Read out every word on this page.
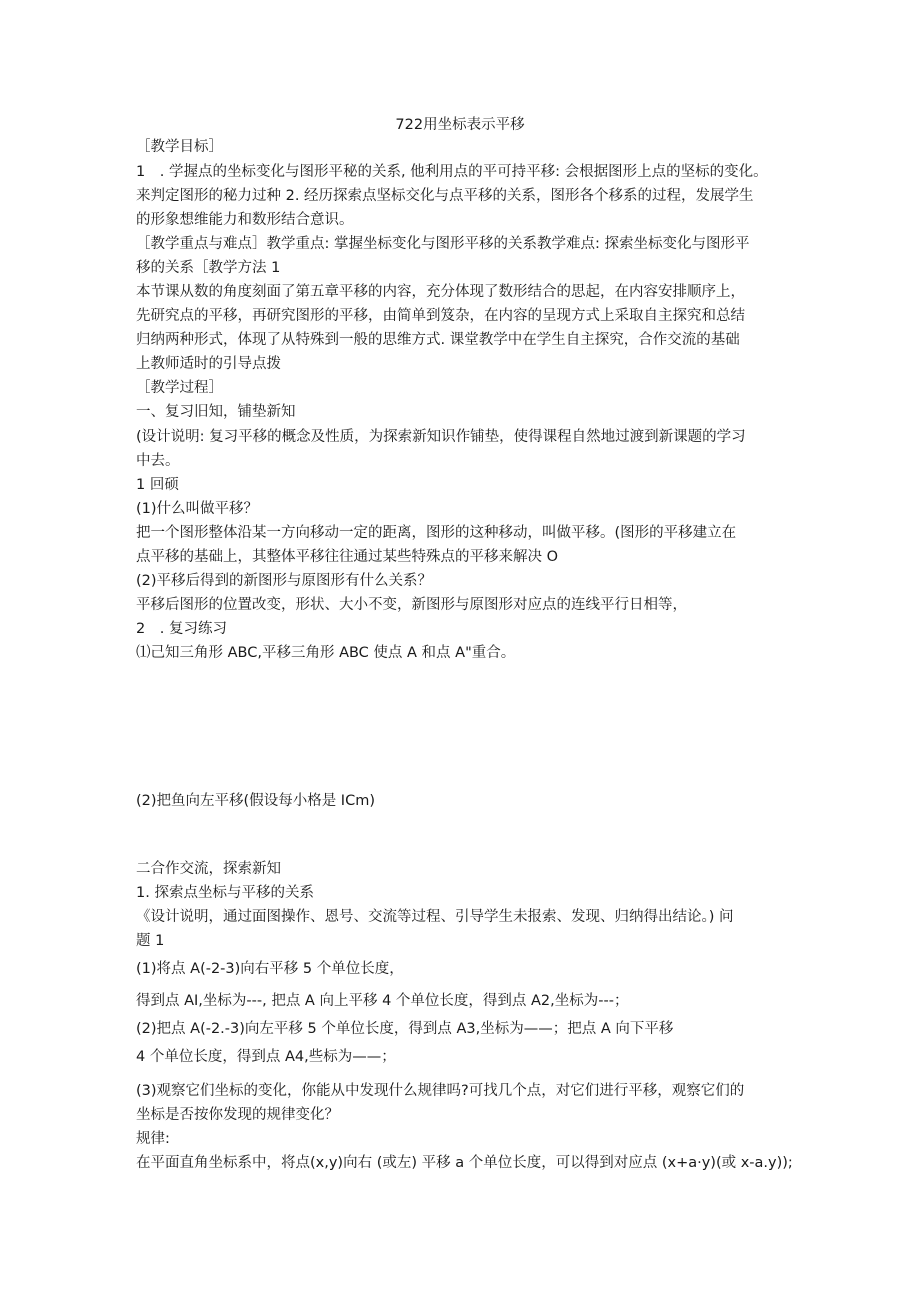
722用坐标表示平移
［教学目标］
1　. 学握点的坐标变化与图形平秘的关系, 他利用点的平可持平移: 会根据图形上点的坚标的变化。
来判定图形的秘力过种 2. 经历探索点坚标交化与点平移的关系，图形各个移系的过程，发展学生
的形象想维能力和数形结合意识。
［教学重点与难点］教学重点: 掌握坐标变化与图形平移的关系教学难点: 探索坐标变化与图形平
移的关系［教学方法 1
本节课从数的角度刻面了第五章平移的内容，充分体现了数形结合的思起，在内容安排顺序上，
先研究点的平移，再研究图形的平移，由简单到笈杂，在内容的呈现方式上采取自主探究和总结
归纳两种形式，体现了从特殊到一般的思维方式. 课堂教学中在学生自主探究，合作交流的基础
上教师适时的引导点拨
［教学过程］
一、复习旧知，铺垫新知
(设计说明: 复习平移的概念及性质，为探索新知识作铺垫，使得课程自然地过渡到新课题的学习
中去。
1 回硕
(1)什么叫做平移？
把一个图形整体沿某一方向移动一定的距离，图形的这种移动，叫做平移。(图形的平移建立在
点平移的基础上，其整体平移往往通过某些特殊点的平移来解决 O
(2)平移后得到的新图形与原图形有什么关系？
平移后图形的位置改变，形状、大小不变，新图形与原图形对应点的连线平行日相等，
2　. 复习练习
⑴己知三角形 ABC,平移三角形 ABC 使点 A 和点 A"重合。
(2)把鱼向左平移(假设每小格是 ICm)
二合作交流，探索新知
1. 探索点坐标与平移的关系
《设计说明，通过面图操作、恩号、交流等过程、引导学生未报索、发现、归纳得出结论。) 问
题 1
(1)将点 A(-2-3)向右平移 5 个单位长度，
得到点 AI,坐标为---, 把点 A 向上平移 4 个单位长度，得到点 A2,坐标为---；
(2)把点 A(-2.-3)向左平移 5 个单位长度，得到点 A3,坐标为——；把点 A 向下平移
4 个单位长度，得到点 A4,些标为——；
(3)观察它们坐标的变化，你能从中发现什么规律吗?可找几个点，对它们进行平移，观察它们的
坐标是否按你发现的规律变化？
规律:
在平面直角坐标系中，将点(x,y)向右 (或左) 平移 a 个单位长度，可以得到对应点 (x+a·y)(或 x-a.y));
